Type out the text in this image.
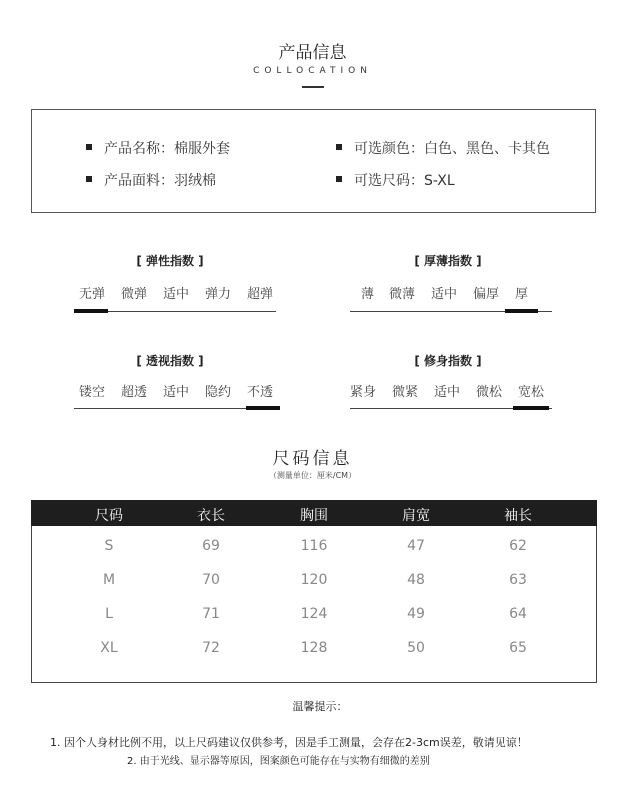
产品信息
COLLOCATION
产品名称：棉服外套
产品面料：羽绒棉
可选颜色：白色、黑色、卡其色
可选尺码：S-XL
[ 弹性指数 ]
无弹	微弹	适中	弹力	超弹
[ 厚薄指数 ]
薄	微薄	适中	偏厚	厚
[ 透视指数 ]
镂空	超透	适中	隐约	不透
[ 修身指数 ]
紧身	微紧	适中	微松	宽松
尺码信息
（测量单位：厘米/CM）
尺码	衣长	胸围	肩宽	袖长
S	69	116	47	62
M	70	120	48	63
L	71	124	49	64
XL	72	128	50	65
温馨提示：
1. 因个人身材比例不用，以上尺码建议仅供参考，因是手工测量，会存在2-3cm误差，敬请见谅！
2. 由于光线、显示器等原因，图案颜色可能存在与实物有细微的差别
